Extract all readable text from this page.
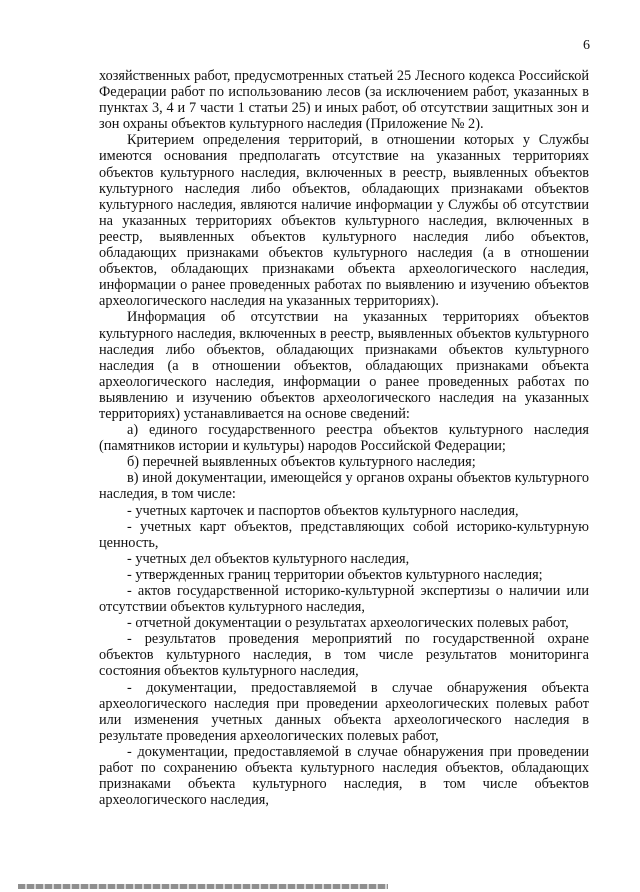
6

хозяйственных работ, предусмотренных статьей 25 Лесного кодекса Российской Федерации работ по использованию лесов (за исключением работ, указанных в пунктах 3, 4 и 7 части 1 статьи 25) и иных работ, об отсутствии защитных зон и зон охраны объектов культурного наследия (Приложение № 2).

Критерием определения территорий, в отношении которых у Службы имеются основания предполагать отсутствие на указанных территориях объектов культурного наследия, включенных в реестр, выявленных объектов культурного наследия либо объектов, обладающих признаками объектов культурного наследия, являются наличие информации у Службы об отсутствии на указанных территориях объектов культурного наследия, включенных в реестр, выявленных объектов культурного наследия либо объектов, обладающих признаками объектов культурного наследия (а в отношении объектов, обладающих признаками объекта археологического наследия, информации о ранее проведенных работах по выявлению и изучению объектов археологического наследия на указанных территориях).

Информация об отсутствии на указанных территориях объектов культурного наследия, включенных в реестр, выявленных объектов культурного наследия либо объектов, обладающих признаками объектов культурного наследия (а в отношении объектов, обладающих признаками объекта археологического наследия, информации о ранее проведенных работах по выявлению и изучению объектов археологического наследия на указанных территориях) устанавливается на основе сведений:

а) единого государственного реестра объектов культурного наследия (памятников истории и культуры) народов Российской Федерации;

б) перечней выявленных объектов культурного наследия;

в) иной документации, имеющейся у органов охраны объектов культурного наследия, в том числе:

- учетных карточек и паспортов объектов культурного наследия,

- учетных карт объектов, представляющих собой историко-культурную ценность,

- учетных дел объектов культурного наследия,

- утвержденных границ территории объектов культурного наследия;

- актов государственной историко-культурной экспертизы о наличии или отсутствии объектов культурного наследия,

- отчетной документации о результатах археологических полевых работ,

- результатов проведения мероприятий по государственной охране объектов культурного наследия, в том числе результатов мониторинга состояния объектов культурного наследия,

- документации, предоставляемой в случае обнаружения объекта археологического наследия при проведении археологических полевых работ или изменения учетных данных объекта археологического наследия в результате проведения археологических полевых работ,

- документации, предоставляемой в случае обнаружения при проведении работ по сохранению объекта культурного наследия объектов, обладающих признаками объекта культурного наследия, в том числе объектов археологического наследия,
